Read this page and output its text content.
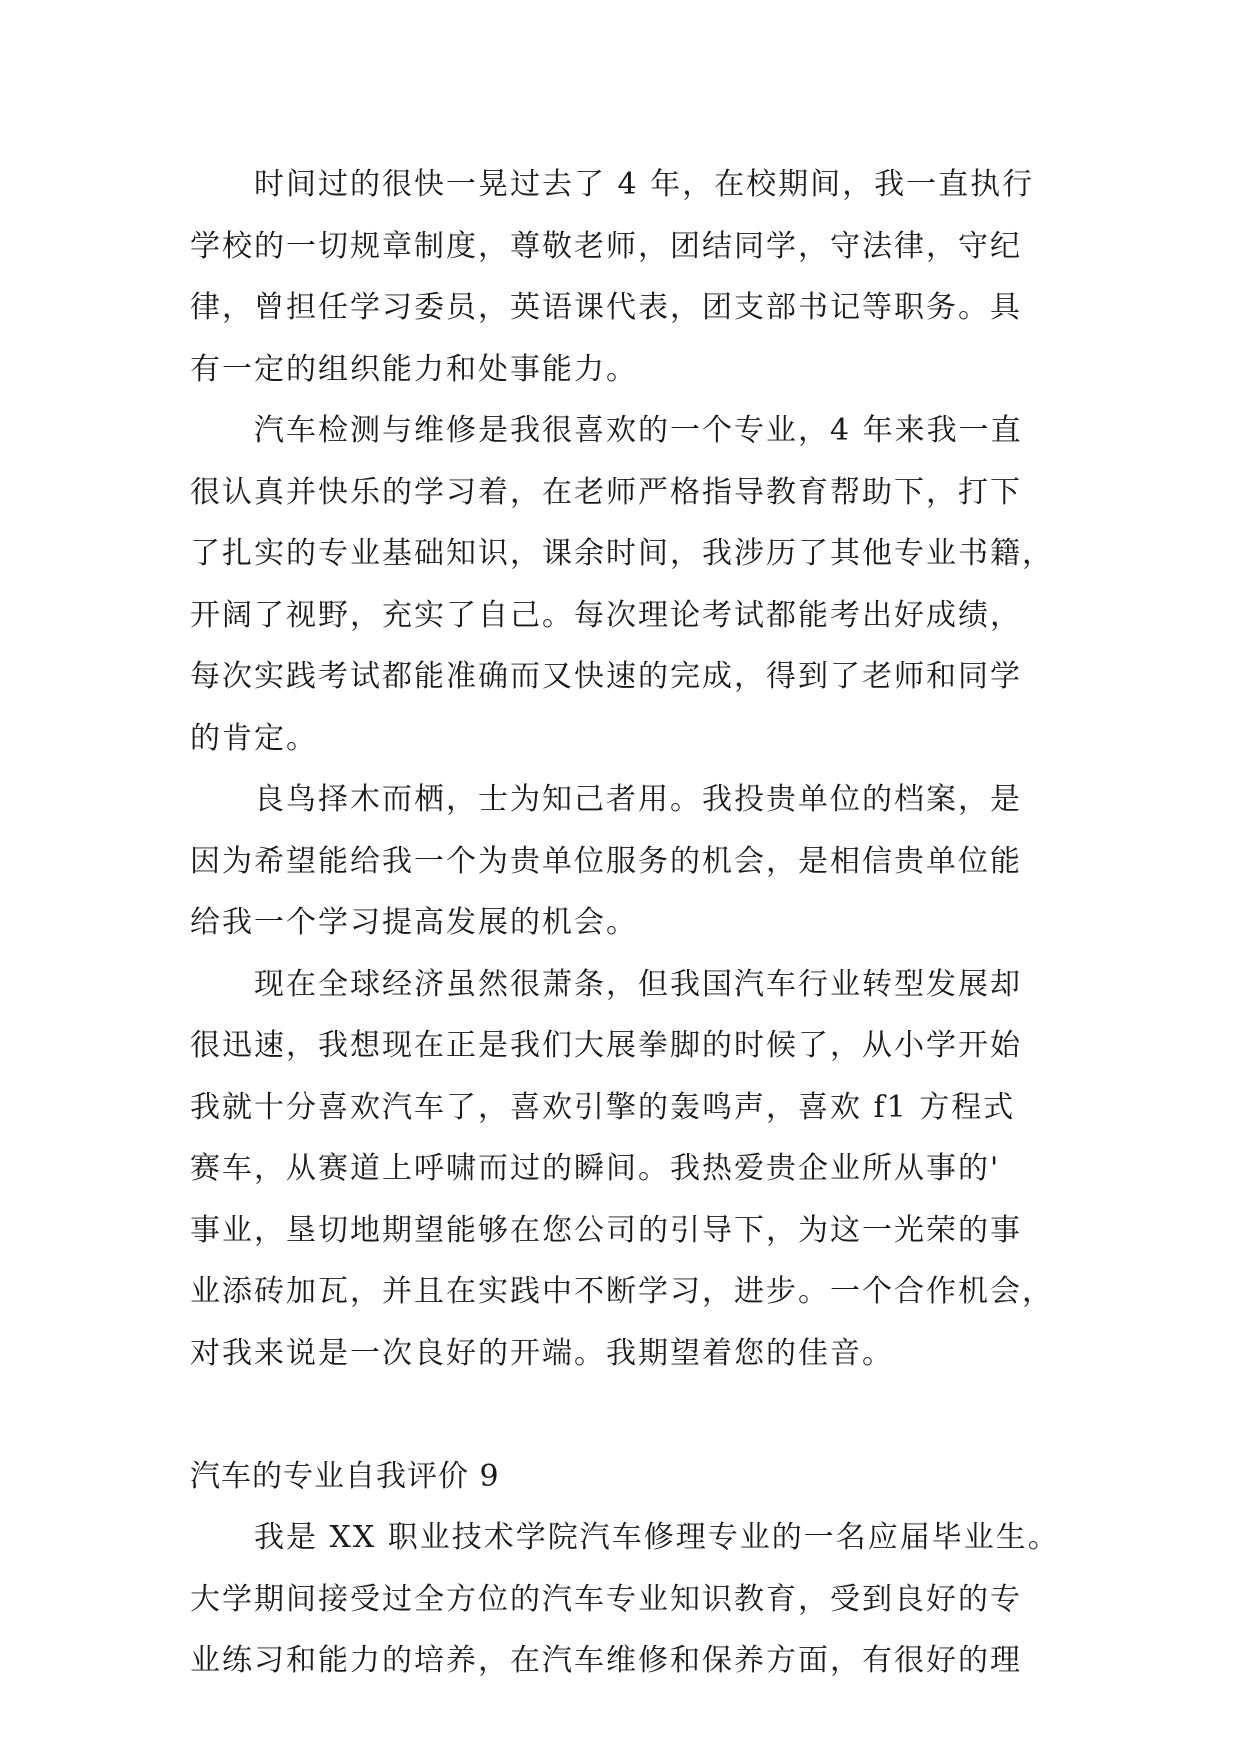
时间过的很快一晃过去了 4 年，在校期间，我一直执行
学校的一切规章制度，尊敬老师，团结同学，守法律，守纪
律，曾担任学习委员，英语课代表，团支部书记等职务。具
有一定的组织能力和处事能力。
汽车检测与维修是我很喜欢的一个专业，4 年来我一直
很认真并快乐的学习着，在老师严格指导教育帮助下，打下
了扎实的专业基础知识，课余时间，我涉历了其他专业书籍，
开阔了视野，充实了自己。每次理论考试都能考出好成绩，
每次实践考试都能准确而又快速的完成，得到了老师和同学
的肯定。
良鸟择木而栖，士为知己者用。我投贵单位的档案，是
因为希望能给我一个为贵单位服务的机会，是相信贵单位能
给我一个学习提高发展的机会。
现在全球经济虽然很萧条，但我国汽车行业转型发展却
很迅速，我想现在正是我们大展拳脚的时候了，从小学开始
我就十分喜欢汽车了，喜欢引擎的轰鸣声，喜欢 f1 方程式
赛车，从赛道上呼啸而过的瞬间。我热爱贵企业所从事的'
事业，垦切地期望能够在您公司的引导下，为这一光荣的事
业添砖加瓦，并且在实践中不断学习，进步。一个合作机会，
对我来说是一次良好的开端。我期望着您的佳音。
汽车的专业自我评价 9
我是 XX 职业技术学院汽车修理专业的一名应届毕业生。
大学期间接受过全方位的汽车专业知识教育，受到良好的专
业练习和能力的培养，在汽车维修和保养方面，有很好的理
